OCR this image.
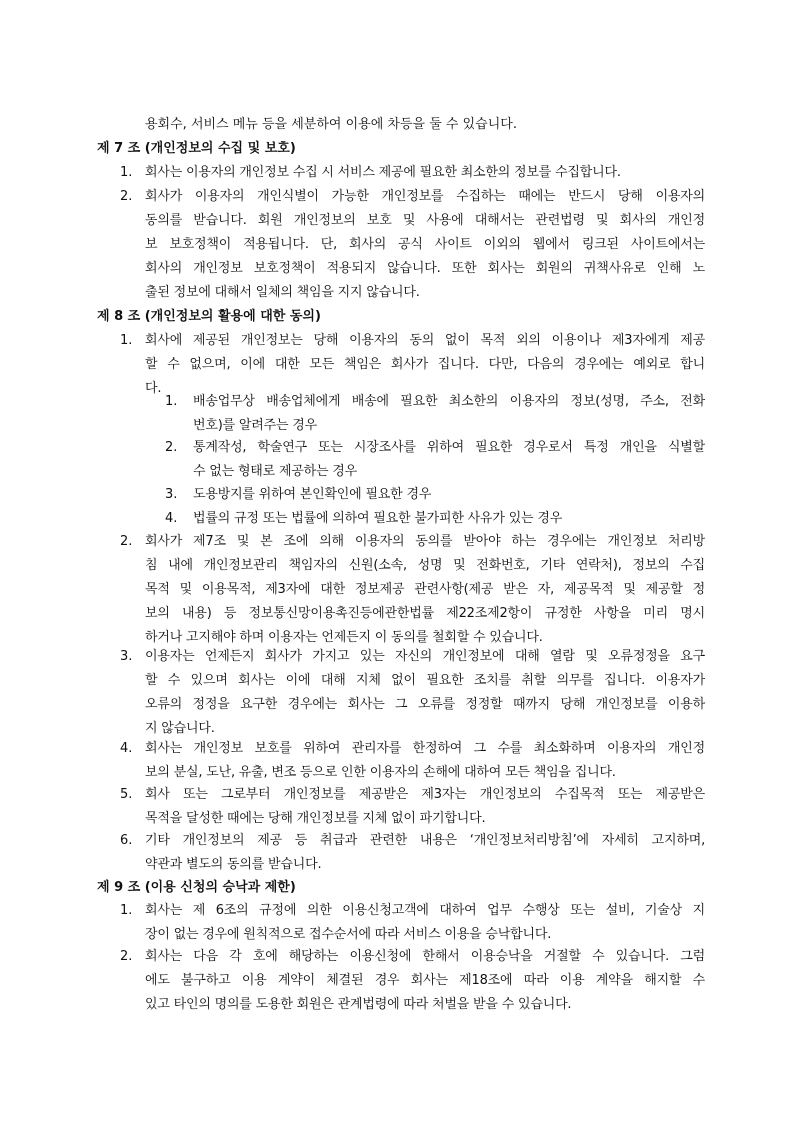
용회수, 서비스 메뉴 등을 세분하여 이용에 차등을 둘 수 있습니다.
제 7 조 (개인정보의 수집 및 보호)
1. 회사는 이용자의 개인정보 수집 시 서비스 제공에 필요한 최소한의 정보를 수집합니다.
2. 회사가 이용자의 개인식별이 가능한 개인정보를 수집하는 때에는 반드시 당해 이용자의
동의를 받습니다. 회원 개인정보의 보호 및 사용에 대해서는 관련법령 및 회사의 개인정
보 보호정책이 적용됩니다. 단, 회사의 공식 사이트 이외의 웹에서 링크된 사이트에서는
회사의 개인정보 보호정책이 적용되지 않습니다. 또한 회사는 회원의 귀책사유로 인해 노
출된 정보에 대해서 일체의 책임을 지지 않습니다.
제 8 조 (개인정보의 활용에 대한 동의)
1. 회사에 제공된 개인정보는 당해 이용자의 동의 없이 목적 외의 이용이나 제3자에게 제공
할 수 없으며, 이에 대한 모든 책임은 회사가 집니다. 다만, 다음의 경우에는 예외로 합니
다.
1.	배송업무상 배송업체에게 배송에 필요한 최소한의 이용자의 정보(성명, 주소, 전화
번호)를 알려주는 경우
2.	통계작성, 학술연구 또는 시장조사를 위하여 필요한 경우로서 특정 개인을 식별할
수 없는 형태로 제공하는 경우
3.	도용방지를 위하여 본인확인에 필요한 경우
4.	법률의 규정 또는 법률에 의하여 필요한 불가피한 사유가 있는 경우
2. 회사가 제7조 및 본 조에 의해 이용자의 동의를 받아야 하는 경우에는 개인정보 처리방
침 내에 개인정보관리 책임자의 신원(소속, 성명 및 전화번호, 기타 연락처), 정보의 수집
목적 및 이용목적, 제3자에 대한 정보제공 관련사항(제공 받은 자, 제공목적 및 제공할 정
보의 내용) 등 정보통신망이용촉진등에관한법률 제22조제2항이 규정한 사항을 미리 명시
하거나 고지해야 하며 이용자는 언제든지 이 동의를 철회할 수 있습니다.
3. 이용자는 언제든지 회사가 가지고 있는 자신의 개인정보에 대해 열람 및 오류정정을 요구
할 수 있으며 회사는 이에 대해 지체 없이 필요한 조치를 취할 의무를 집니다. 이용자가
오류의 정정을 요구한 경우에는 회사는 그 오류를 정정할 때까지 당해 개인정보를 이용하
지 않습니다.
4. 회사는 개인정보 보호를 위하여 관리자를 한정하여 그 수를 최소화하며 이용자의 개인정
보의 분실, 도난, 유출, 변조 등으로 인한 이용자의 손해에 대하여 모든 책임을 집니다.
5. 회사 또는 그로부터 개인정보를 제공받은 제3자는 개인정보의 수집목적 또는 제공받은
목적을 달성한 때에는 당해 개인정보를 지체 없이 파기합니다.
6. 기타 개인정보의 제공 등 취급과 관련한 내용은 ‘개인정보처리방침’에 자세히 고지하며,
약관과 별도의 동의를 받습니다.
제 9 조 (이용 신청의 승낙과 제한)
1. 회사는 제 6조의 규정에 의한 이용신청고객에 대하여 업무 수행상 또는 설비, 기술상 지
장이 없는 경우에 원칙적으로 접수순서에 따라 서비스 이용을 승낙합니다.
2. 회사는 다음 각 호에 해당하는 이용신청에 한해서 이용승낙을 거절할 수 있습니다. 그럼
에도 불구하고 이용 계약이 체결된 경우 회사는 제18조에 따라 이용 계약을 해지할 수
있고 타인의 명의를 도용한 회원은 관계법령에 따라 처벌을 받을 수 있습니다.
